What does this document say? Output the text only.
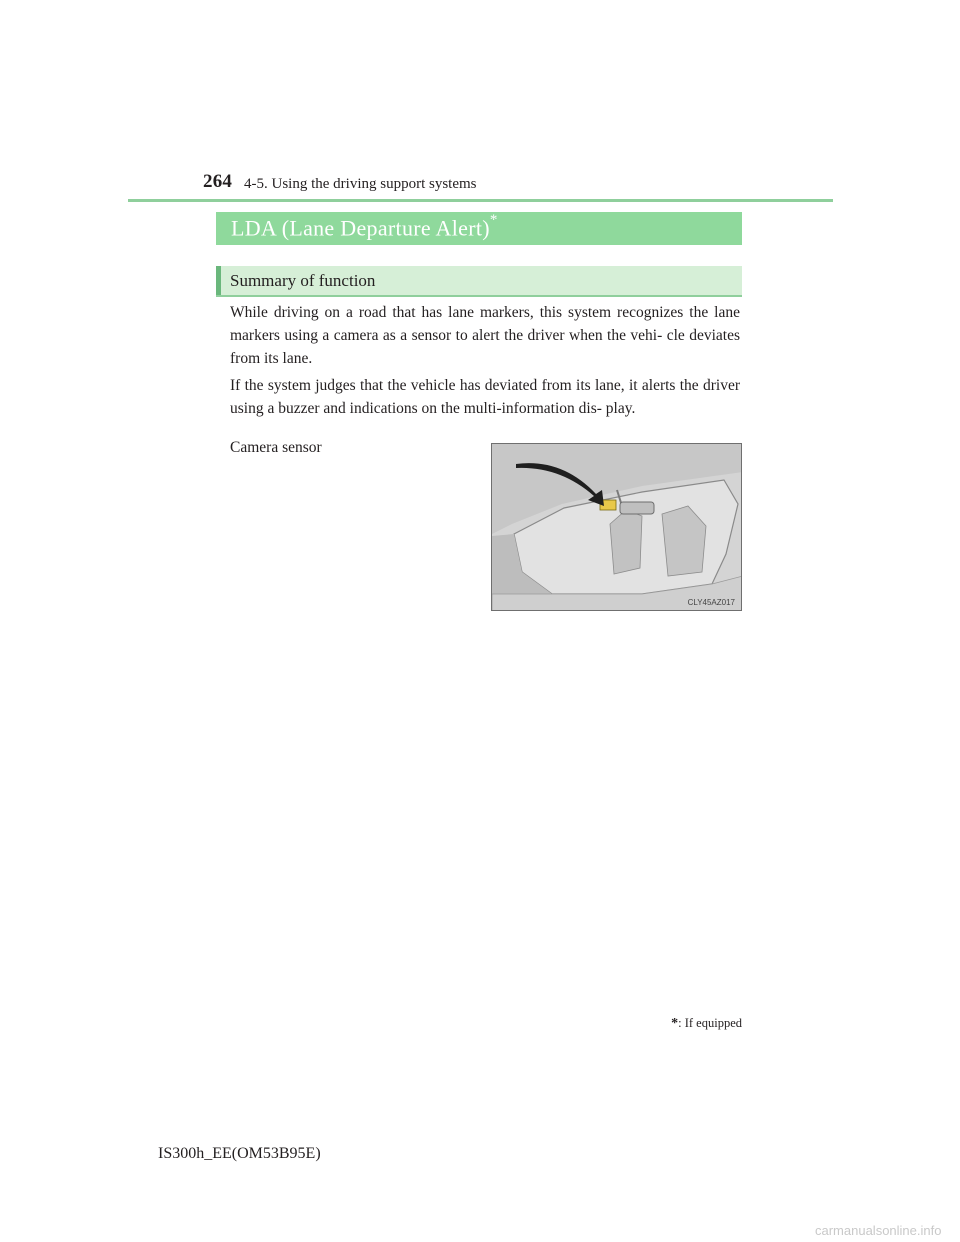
264 4-5. Using the driving support systems
LDA (Lane Departure Alert)*
Summary of function

While driving on a road that has lane markers, this system recognizes the lane markers using a camera as a sensor to alert the driver when the vehi- cle deviates from its lane.

If the system judges that the vehicle has deviated from its lane, it alerts the driver using a buzzer and indications on the multi-information dis- play.

Camera sensor
CLY45AZ017
*: If equipped
IS300h_EE(OM53B95E)
carmanualsonline.info
